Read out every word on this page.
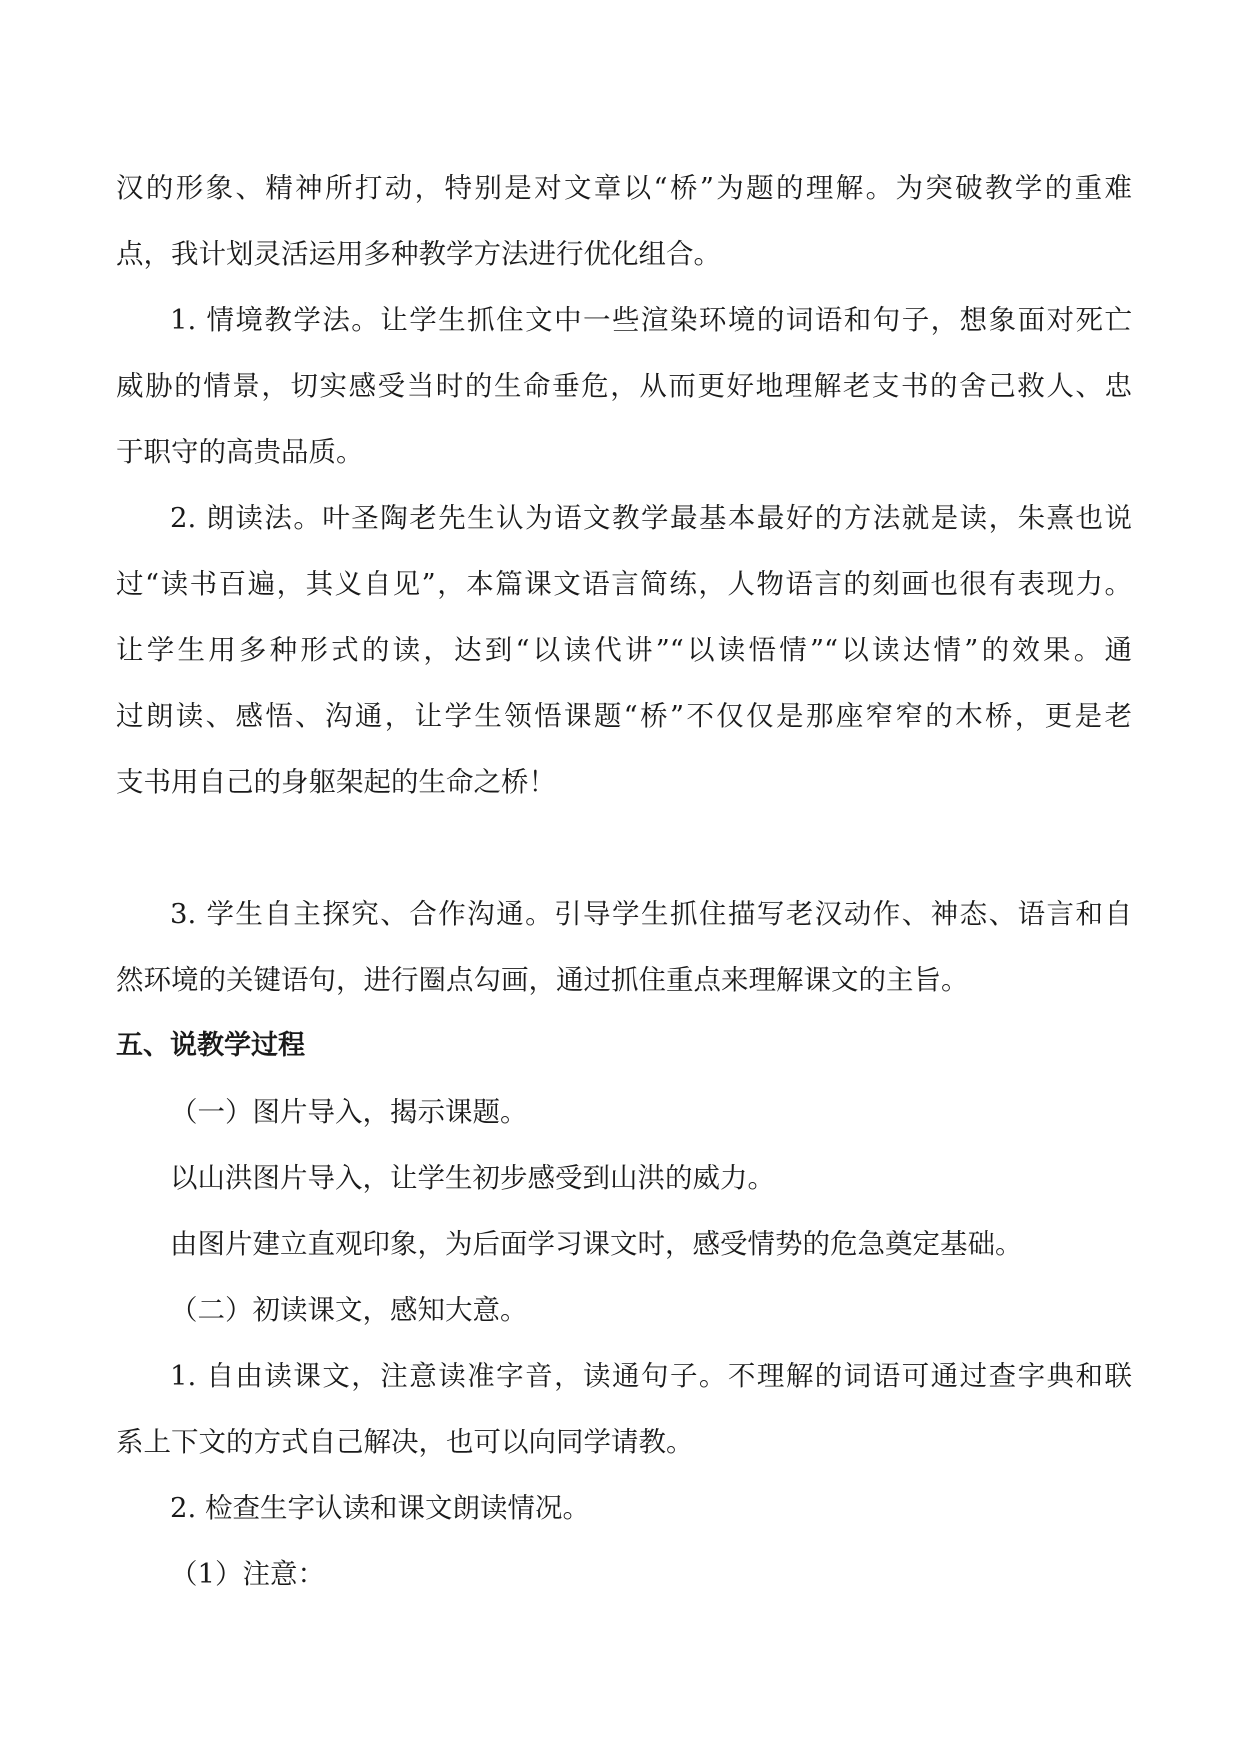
汉的形象、精神所打动，特别是对文章以“桥”为题的理解。为突破教学的重难
点，我计划灵活运用多种教学方法进行优化组合。
1. 情境教学法。让学生抓住文中一些渲染环境的词语和句子，想象面对死亡
威胁的情景，切实感受当时的生命垂危，从而更好地理解老支书的舍己救人、忠
于职守的高贵品质。
2. 朗读法。叶圣陶老先生认为语文教学最基本最好的方法就是读，朱熹也说
过“读书百遍，其义自见”，本篇课文语言简练，人物语言的刻画也很有表现力。
让学生用多种形式的读，达到“以读代讲”“以读悟情”“以读达情”的效果。通
过朗读、感悟、沟通，让学生领悟课题“桥”不仅仅是那座窄窄的木桥，更是老
支书用自己的身躯架起的生命之桥！
3. 学生自主探究、合作沟通。引导学生抓住描写老汉动作、神态、语言和自
然环境的关键语句，进行圈点勾画，通过抓住重点来理解课文的主旨。
五、说教学过程
（一）图片导入，揭示课题。
以山洪图片导入，让学生初步感受到山洪的威力。
由图片建立直观印象，为后面学习课文时，感受情势的危急奠定基础。
（二）初读课文，感知大意。
1. 自由读课文，注意读准字音，读通句子。不理解的词语可通过查字典和联
系上下文的方式自己解决，也可以向同学请教。
2. 检查生字认读和课文朗读情况。
（1）注意：
